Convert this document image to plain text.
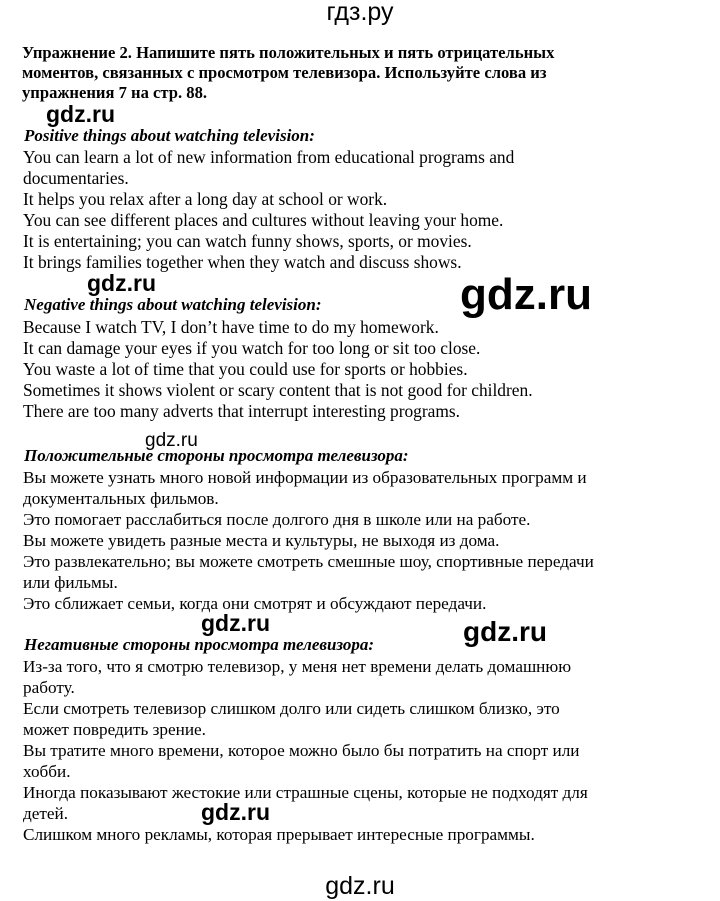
гдз.ру
Упражнение 2. Напишите пять положительных и пять отрицательных
моментов, связанных с просмотром телевизора. Используйте слова из
упражнения 7 на стр. 88.
Positive things about watching television:
You can learn a lot of new information from educational programs and
documentaries.
It helps you relax after a long day at school or work.
You can see different places and cultures without leaving your home.
It is entertaining; you can watch funny shows, sports, or movies.
It brings families together when they watch and discuss shows.
Negative things about watching television:
Because I watch TV, I don’t have time to do my homework.
It can damage your eyes if you watch for too long or sit too close.
You waste a lot of time that you could use for sports or hobbies.
Sometimes it shows violent or scary content that is not good for children.
There are too many adverts that interrupt interesting programs.
Положительные стороны просмотра телевизора:
Вы можете узнать много новой информации из образовательных программ и
документальных фильмов.
Это помогает расслабиться после долгого дня в школе или на работе.
Вы можете увидеть разные места и культуры, не выходя из дома.
Это развлекательно; вы можете смотреть смешные шоу, спортивные передачи
или фильмы.
Это сближает семьи, когда они смотрят и обсуждают передачи.
Негативные стороны просмотра телевизора:
Из-за того, что я смотрю телевизор, у меня нет времени делать домашнюю
работу.
Если смотреть телевизор слишком долго или сидеть слишком близко, это
может повредить зрение.
Вы тратите много времени, которое можно было бы потратить на спорт или
хобби.
Иногда показывают жестокие или страшные сцены, которые не подходят для
детей.
Слишком много рекламы, которая прерывает интересные программы.
gdz.ru
gdz.ru	gdz.ru
gdz.ru
gdz.ru	gdz.ru
gdz.ru
gdz.ru
